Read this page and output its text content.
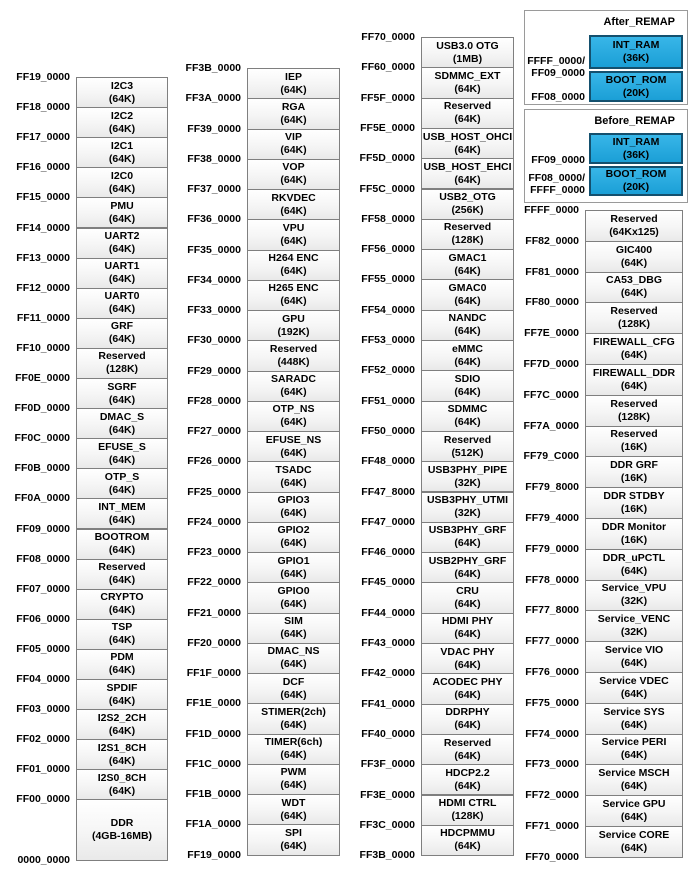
After_REMAP
INT_RAM
(36K)
BOOT_ROM
(20K)
FFFF_0000/
FF09_0000
FF08_0000
Before_REMAP
INT_RAM
(36K)
BOOT_ROM
(20K)
FF09_0000
FF08_0000/
FFFF_0000
I2C3
(64K)
I2C2
(64K)
I2C1
(64K)
I2C0
(64K)
PMU
(64K)
UART2
(64K)
UART1
(64K)
UART0
(64K)
GRF
(64K)
Reserved
(128K)
SGRF
(64K)
DMAC_S
(64K)
EFUSE_S
(64K)
OTP_S
(64K)
INT_MEM
(64K)
BOOTROM
(64K)
Reserved
(64K)
CRYPTO
(64K)
TSP
(64K)
PDM
(64K)
SPDIF
(64K)
I2S2_2CH
(64K)
I2S1_8CH
(64K)
I2S0_8CH
(64K)
DDR
(4GB-16MB)
FF19_0000
FF18_0000
FF17_0000
FF16_0000
FF15_0000
FF14_0000
FF13_0000
FF12_0000
FF11_0000
FF10_0000
FF0E_0000
FF0D_0000
FF0C_0000
FF0B_0000
FF0A_0000
FF09_0000
FF08_0000
FF07_0000
FF06_0000
FF05_0000
FF04_0000
FF03_0000
FF02_0000
FF01_0000
FF00_0000
0000_0000
IEP
(64K)
RGA
(64K)
VIP
(64K)
VOP
(64K)
RKVDEC
(64K)
VPU
(64K)
H264 ENC
(64K)
H265 ENC
(64K)
GPU
(192K)
Reserved
(448K)
SARADC
(64K)
OTP_NS
(64K)
EFUSE_NS
(64K)
TSADC
(64K)
GPIO3
(64K)
GPIO2
(64K)
GPIO1
(64K)
GPIO0
(64K)
SIM
(64K)
DMAC_NS
(64K)
DCF
(64K)
STIMER(2ch)
(64K)
TIMER(6ch)
(64K)
PWM
(64K)
WDT
(64K)
SPI
(64K)
FF3B_0000
FF3A_0000
FF39_0000
FF38_0000
FF37_0000
FF36_0000
FF35_0000
FF34_0000
FF33_0000
FF30_0000
FF29_0000
FF28_0000
FF27_0000
FF26_0000
FF25_0000
FF24_0000
FF23_0000
FF22_0000
FF21_0000
FF20_0000
FF1F_0000
FF1E_0000
FF1D_0000
FF1C_0000
FF1B_0000
FF1A_0000
FF19_0000
USB3.0 OTG
(1MB)
SDMMC_EXT
(64K)
Reserved
(64K)
USB_HOST_OHCI
(64K)
USB_HOST_EHCI
(64K)
USB2_OTG
(256K)
Reserved
(128K)
GMAC1
(64K)
GMAC0
(64K)
NANDC
(64K)
eMMC
(64K)
SDIO
(64K)
SDMMC
(64K)
Reserved
(512K)
USB3PHY_PIPE
(32K)
USB3PHY_UTMI
(32K)
USB3PHY_GRF
(64K)
USB2PHY_GRF
(64K)
CRU
(64K)
HDMI PHY
(64K)
VDAC PHY
(64K)
ACODEC PHY
(64K)
DDRPHY
(64K)
Reserved
(64K)
HDCP2.2
(64K)
HDMI CTRL
(128K)
HDCPMMU
(64K)
FF70_0000
FF60_0000
FF5F_0000
FF5E_0000
FF5D_0000
FF5C_0000
FF58_0000
FF56_0000
FF55_0000
FF54_0000
FF53_0000
FF52_0000
FF51_0000
FF50_0000
FF48_0000
FF47_8000
FF47_0000
FF46_0000
FF45_0000
FF44_0000
FF43_0000
FF42_0000
FF41_0000
FF40_0000
FF3F_0000
FF3E_0000
FF3C_0000
FF3B_0000
Reserved
(64Kx125)
GIC400
(64K)
CA53_DBG
(64K)
Reserved
(128K)
FIREWALL_CFG
(64K)
FIREWALL_DDR
(64K)
Reserved
(128K)
Reserved
(16K)
DDR GRF
(16K)
DDR STDBY
(16K)
DDR Monitor
(16K)
DDR_uPCTL
(64K)
Service_VPU
(32K)
Service_VENC
(32K)
Service VIO
(64K)
Service VDEC
(64K)
Service SYS
(64K)
Service PERI
(64K)
Service MSCH
(64K)
Service GPU
(64K)
Service CORE
(64K)
FFFF_0000
FF82_0000
FF81_0000
FF80_0000
FF7E_0000
FF7D_0000
FF7C_0000
FF7A_0000
FF79_C000
FF79_8000
FF79_4000
FF79_0000
FF78_0000
FF77_8000
FF77_0000
FF76_0000
FF75_0000
FF74_0000
FF73_0000
FF72_0000
FF71_0000
FF70_0000
